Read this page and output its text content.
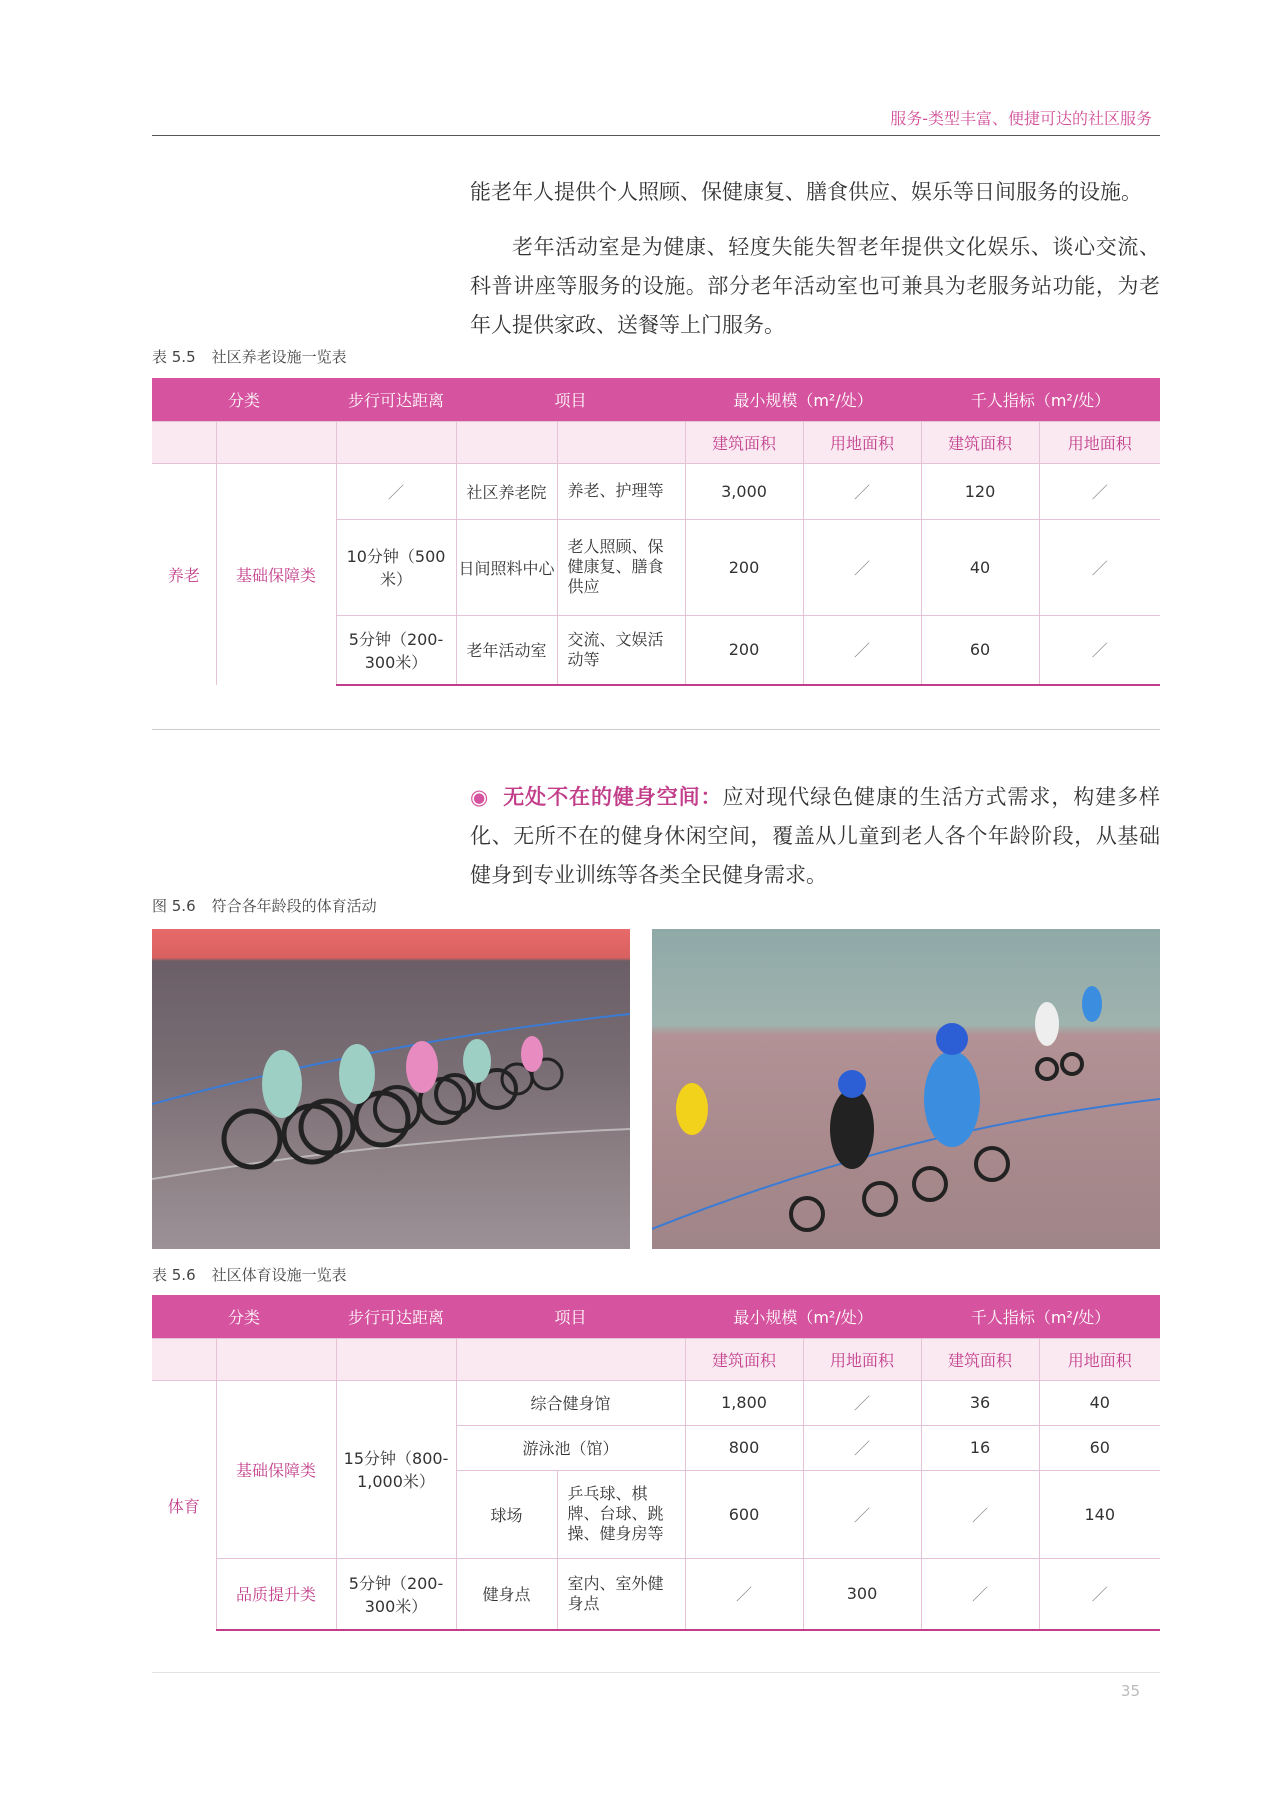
服务-类型丰富、便捷可达的社区服务

能老年人提供个人照顾、保健康复、膳食供应、娱乐等日间服务的设施。

老年活动室是为健康、轻度失能失智老年提供文化娱乐、谈心交流、科普讲座等服务的设施。部分老年活动室也可兼具为老服务站功能，为老年人提供家政、送餐等上门服务。

表 5.5 社区养老设施一览表
分类		步行可达距离	项目		最小规模（m²/处）		千人指标（m²/处）	
					建筑面积	用地面积	建筑面积	用地面积
养老	基础保障类	／	社区养老院	养老、护理等	3,000	／	120	／
		10分钟（500米）	日间照料中心	老人照顾、保健康复、膳食供应	200	／	40	／
		5分钟（200-300米）	老年活动室	交流、文娱活动等	200	／	60	／

◉ 无处不在的健身空间：应对现代绿色健康的生活方式需求，构建多样化、无所不在的健身休闲空间，覆盖从儿童到老人各个年龄阶段，从基础健身到专业训练等各类全民健身需求。

图 5.6 符合各年龄段的体育活动
表 5.6 社区体育设施一览表
分类		步行可达距离	项目		最小规模（m²/处）		千人指标（m²/处）	
					建筑面积	用地面积	建筑面积	用地面积
体育	基础保障类	15分钟（800-1,000米）	综合健身馆		1,800	／	36	40
			游泳池（馆）		800	／	16	60
			球场	乒乓球、棋牌、台球、跳操、健身房等	600	／	／	140
	品质提升类	5分钟（200-300米）	健身点	室内、室外健身点	／	300	／	／
35
